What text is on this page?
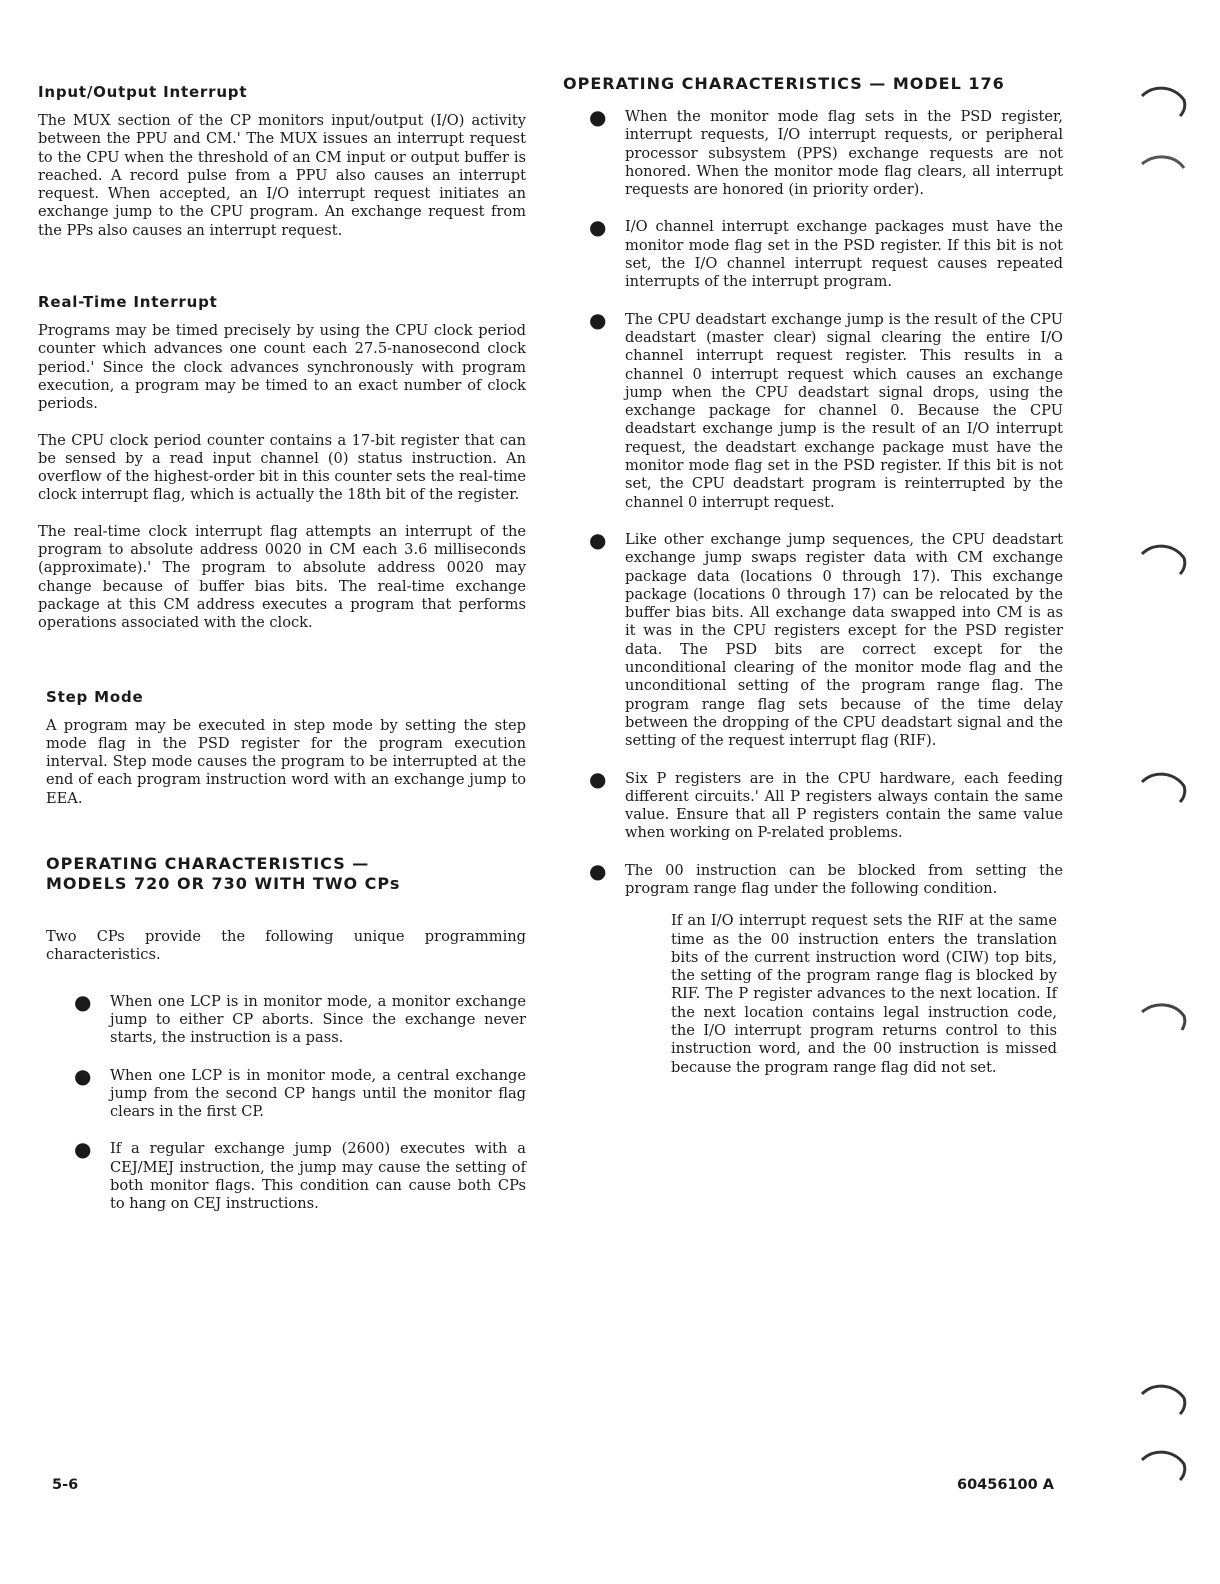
Input/Output Interrupt

The MUX section of the CP monitors input/output (I/O) activity between the PPU and CM.' The MUX issues an interrupt request to the CPU when the threshold of an CM input or output buffer is reached. A record pulse from a PPU also causes an interrupt request. When accepted, an I/O interrupt request initiates an exchange jump to the CPU program. An exchange request from the PPs also causes an interrupt request.

Real-Time Interrupt

Programs may be timed precisely by using the CPU clock period counter which advances one count each 27.5-nanosecond clock period.' Since the clock advances synchronously with program execution, a program may be timed to an exact number of clock periods.

The CPU clock period counter contains a 17-bit register that can be sensed by a read input channel (0) status instruction. An overflow of the highest-order bit in this counter sets the real-time clock interrupt flag, which is actually the 18th bit of the register.

The real-time clock interrupt flag attempts an interrupt of the program to absolute address 0020 in CM each 3.6 milliseconds (approximate).' The program to absolute address 0020 may change because of buffer bias bits. The real-time exchange package at this CM address executes a program that performs operations associated with the clock.

Step Mode

A program may be executed in step mode by setting the step mode flag in the PSD register for the program execution interval. Step mode causes the program to be interrupted at the end of each program instruction word with an exchange jump to EEA.

OPERATING CHARACTERISTICS —
MODELS 720 OR 730 WITH TWO CPs

Two CPs provide the following unique programming characteristics.

● When one LCP is in monitor mode, a monitor exchange jump to either CP aborts. Since the exchange never starts, the instruction is a pass.

● When one LCP is in monitor mode, a central exchange jump from the second CP hangs until the monitor flag clears in the first CP.

● If a regular exchange jump (2600) executes with a CEJ/MEJ instruction, the jump may cause the setting of both monitor flags. This condition can cause both CPs to hang on CEJ instructions.

OPERATING CHARACTERISTICS — MODEL 176
● When the monitor mode flag sets in the PSD register, interrupt requests, I/O interrupt requests, or peripheral processor subsystem (PPS) exchange requests are not honored. When the monitor mode flag clears, all interrupt requests are honored (in priority order).

● I/O channel interrupt exchange packages must have the monitor mode flag set in the PSD register. If this bit is not set, the I/O channel interrupt request causes repeated interrupts of the interrupt program.

● The CPU deadstart exchange jump is the result of the CPU deadstart (master clear) signal clearing the entire I/O channel interrupt request register. This results in a channel 0 interrupt request which causes an exchange jump when the CPU deadstart signal drops, using the exchange package for channel 0. Because the CPU deadstart exchange jump is the result of an I/O interrupt request, the deadstart exchange package must have the monitor mode flag set in the PSD register. If this bit is not set, the CPU deadstart program is reinterrupted by the channel 0 interrupt request.

● Like other exchange jump sequences, the CPU deadstart exchange jump swaps register data with CM exchange package data (locations 0 through 17). This exchange package (locations 0 through 17) can be relocated by the buffer bias bits. All exchange data swapped into CM is as it was in the CPU registers except for the PSD register data. The PSD bits are correct except for the unconditional clearing of the monitor mode flag and the unconditional setting of the program range flag. The program range flag sets because of the time delay between the dropping of the CPU deadstart signal and the setting of the request interrupt flag (RIF).

● Six P registers are in the CPU hardware, each feeding different circuits.' All P registers always contain the same value. Ensure that all P registers contain the same value when working on P-related problems.

● The 00 instruction can be blocked from setting the program range flag under the following condition.

If an I/O interrupt request sets the RIF at the same time as the 00 instruction enters the translation bits of the current instruction word (CIW) top bits, the setting of the program range flag is blocked by RIF. The P register advances to the next location. If the next location contains legal instruction code, the I/O interrupt program returns control to this instruction word, and the 00 instruction is missed because the program range flag did not set.

5-6	60456100 A
